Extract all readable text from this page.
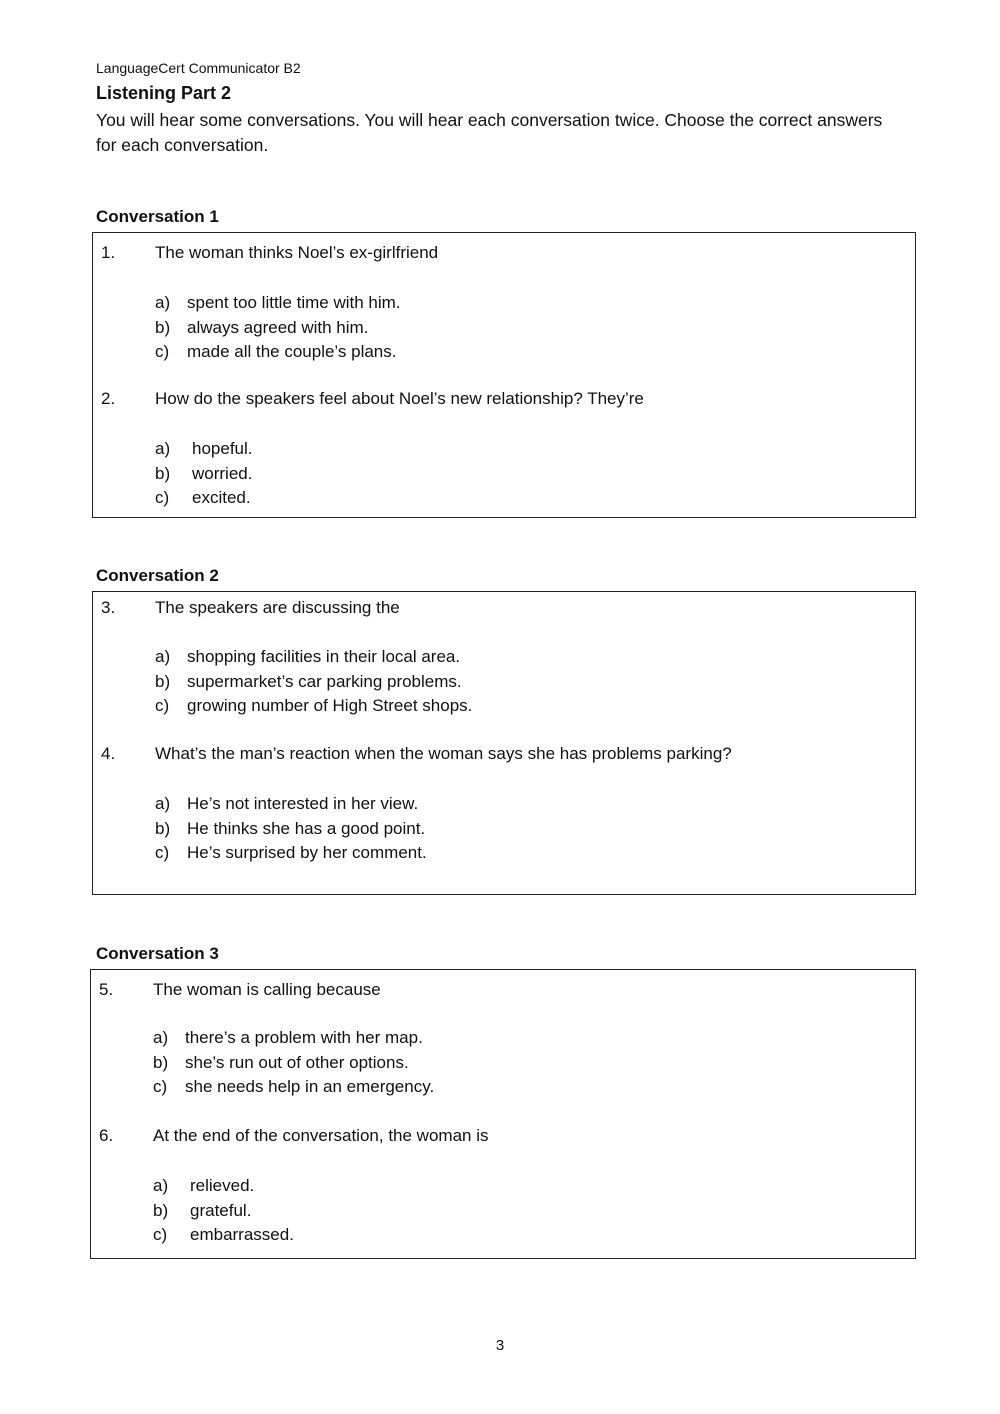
LanguageCert Communicator B2
Listening Part 2
You will hear some conversations. You will hear each conversation twice. Choose the correct answers for each conversation.
Conversation 1
1. The woman thinks Noel’s ex-girlfriend
a) spent too little time with him.
b) always agreed with him.
c) made all the couple’s plans.
2. How do the speakers feel about Noel’s new relationship? They’re
a) hopeful.
b) worried.
c) excited.
Conversation 2
3. The speakers are discussing the
a) shopping facilities in their local area.
b) supermarket’s car parking problems.
c) growing number of High Street shops.
4. What’s the man’s reaction when the woman says she has problems parking?
a) He’s not interested in her view.
b) He thinks she has a good point.
c) He’s surprised by her comment.
Conversation 3
5. The woman is calling because
a) there’s a problem with her map.
b) she’s run out of other options.
c) she needs help in an emergency.
6. At the end of the conversation, the woman is
a) relieved.
b) grateful.
c) embarrassed.
3
